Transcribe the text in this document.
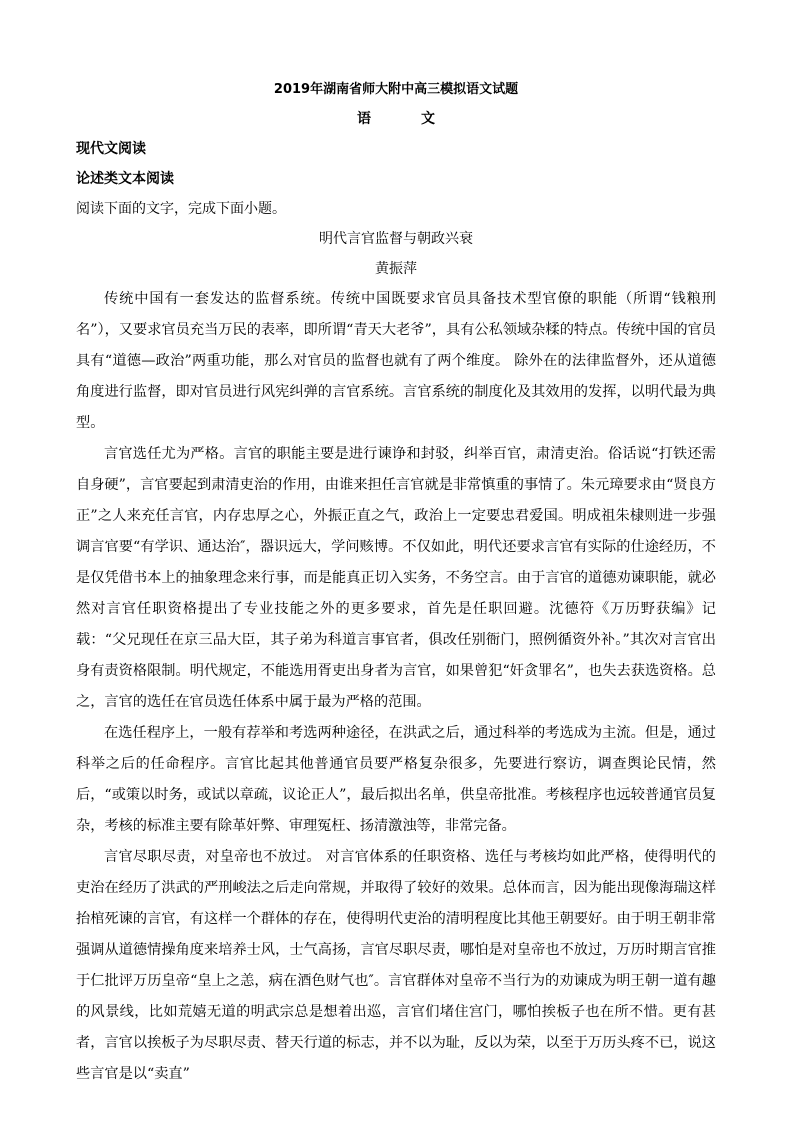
2019年湖南省师大附中高三模拟语文试题

语文

现代文阅读

论述类文本阅读

阅读下面的文字，完成下面小题。

明代言官监督与朝政兴衰

黄振萍

传统中国有一套发达的监督系统。传统中国既要求官员具备技术型官僚的职能（所谓“钱粮刑名”），又要求官员充当万民的表率，即所谓“青天大老爷”，具有公私领域杂糅的特点。传统中国的官员具有“道德—政治”两重功能，那么对官员的监督也就有了两个维度。 除外在的法律监督外，还从道德角度进行监督，即对官员进行风宪纠弹的言官系统。言官系统的制度化及其效用的发挥，以明代最为典型。

言官选任尤为严格。言官的职能主要是进行谏诤和封驳，纠举百官，肃清吏治。俗话说“打铁还需自身硬”，言官要起到肃清吏治的作用，由谁来担任言官就是非常慎重的事情了。朱元璋要求由“贤良方正”之人来充任言官，内存忠厚之心，外振正直之气，政治上一定要忠君爱国。明成祖朱棣则进一步强调言官要“有学识、通达治″，器识远大，学问赅博。不仅如此，明代还要求言官有实际的仕途经历，不是仅凭借书本上的抽象理念来行事，而是能真正切入实务，不务空言。由于言官的道德劝谏职能，就必然对言官任职资格提出了专业技能之外的更多要求，首先是任职回避。沈德符《万历野获编》记载：“父兄现任在京三品大臣，其子弟为科道言事官者，俱改任别衙门，照例循资外补。”其次对言官出身有责资格限制。明代规定，不能选用胥吏出身者为言官，如果曾犯“奸贪罪名”，也失去获选资格。总之，言官的选任在官员选任体系中属于最为严格的范围。

在选任程序上，一般有荐举和考选两种途径，在洪武之后，通过科举的考选成为主流。但是，通过科举之后的任命程序。言官比起其他普通官员要严格复杂很多，先要进行察访，调查舆论民情，然后，“或策以时务，或试以章疏，议论正人”，最后拟出名单，供皇帝批准。考核程序也远较普通官员复杂，考核的标准主要有除革奸弊、审理冤枉、扬清激浊等，非常完备。

言官尽职尽责，对皇帝也不放过。 对言官体系的任职资格、选任与考核均如此严格，使得明代的吏治在经历了洪武的严刑峻法之后走向常规，并取得了较好的效果。总体而言，因为能出现像海瑞这样抬棺死谏的言官，有这样一个群体的存在，使得明代吏治的清明程度比其他王朝要好。由于明王朝非常强调从道德情操角度来培养士风，士气高扬，言官尽职尽责，哪怕是对皇帝也不放过，万历时期言官推于仁批评万历皇帝“皇上之恙，病在酒色财气也″。言官群体对皇帝不当行为的劝谏成为明王朝一道有趣的风景线，比如荒嬉无道的明武宗总是想着出巡，言官们堵住宫门，哪怕挨板子也在所不惜。更有甚者，言官以挨板子为尽职尽责、替天行道的标志，并不以为耻，反以为荣，以至于万历头疼不已，说这些言官是以“卖直”
